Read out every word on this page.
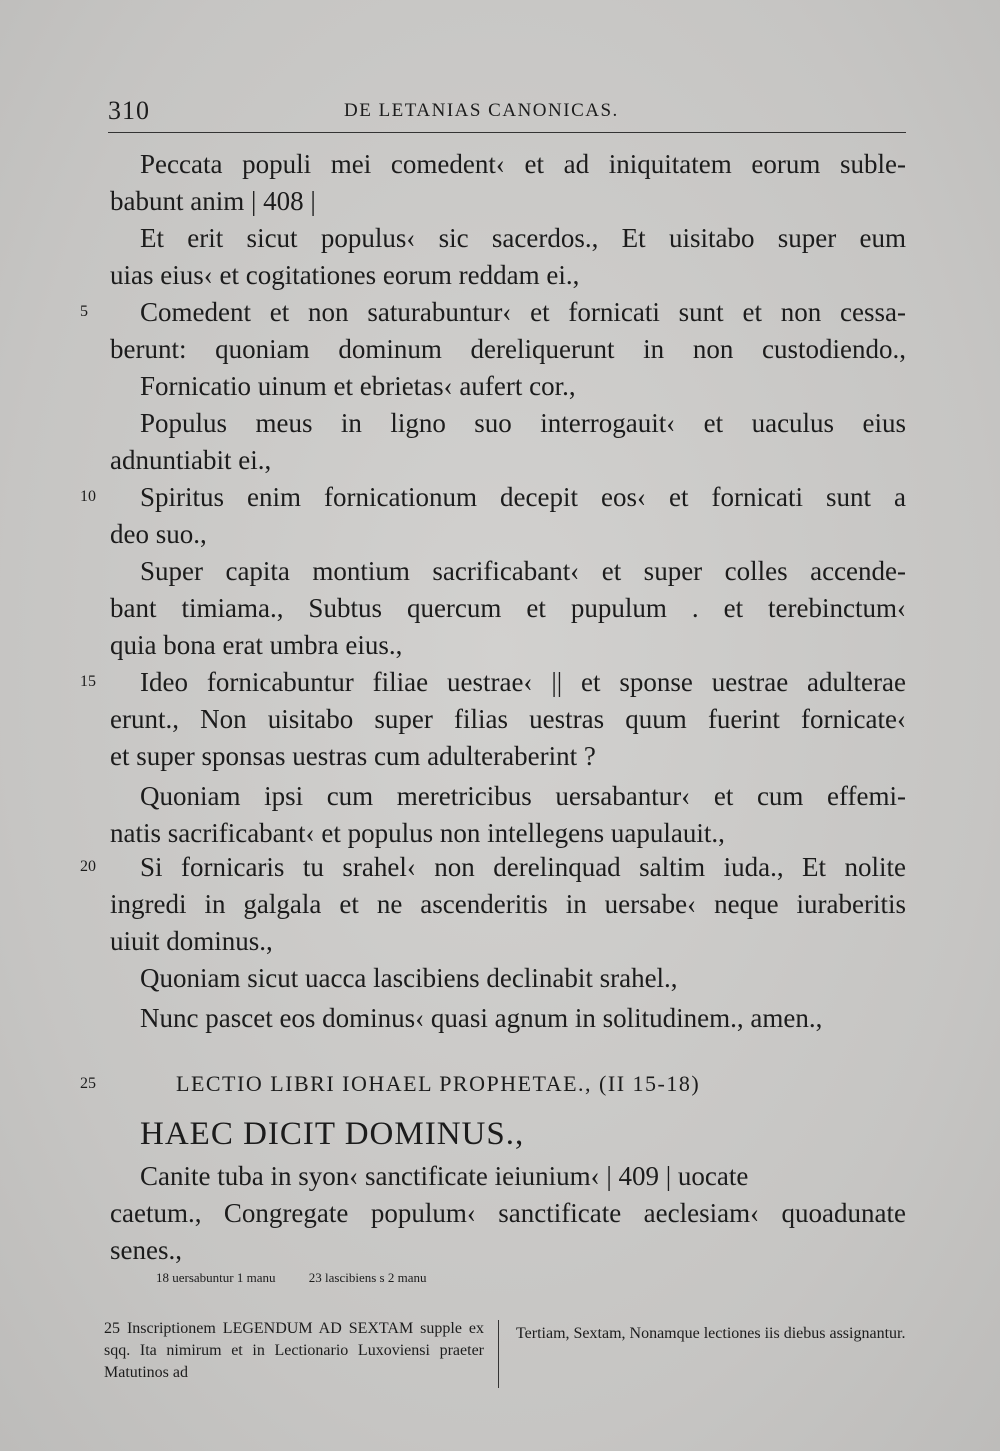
310	DE LETANIAS CANONICAS.
Peccata populi mei comedent‹ et ad iniquitatem eorum suble-
babunt anim | 408 |
Et erit sicut populus‹ sic sacerdos., Et uisitabo super eum
uias eius‹ et cogitationes eorum reddam ei.,
Comedent et non saturabuntur‹ et fornicati sunt et non cessa-
berunt: quoniam dominum dereliquerunt in non custodiendo.,
Fornicatio uinum et ebrietas‹ aufert cor.,
Populus meus in ligno suo interrogauit‹ et uaculus eius
adnuntiabit ei.,
Spiritus enim fornicationum decepit eos‹ et fornicati sunt a
deo suo.,
Super capita montium sacrificabant‹ et super colles accende-
bant timiama., Subtus quercum et pupulum . et terebinctum‹
quia bona erat umbra eius.,
Ideo fornicabuntur filiae uestrae‹ || et sponse uestrae adulterae
erunt., Non uisitabo super filias uestras quum fuerint fornicate‹
et super sponsas uestras cum adulteraberint ?
Quoniam ipsi cum meretricibus uersabantur‹ et cum effemi-
natis sacrificabant‹ et populus non intellegens uapulauit.,
Si fornicaris tu srahel‹ non derelinquad saltim iuda., Et nolite
ingredi in galgala et ne ascenderitis in uersabe‹ neque iuraberitis
uiuit dominus.,
Quoniam sicut uacca lascibiens declinabit srahel.,
Nunc pascet eos dominus‹ quasi agnum in solitudinem., amen.,
LECTIO LIBRI IOHAEL PROPHETAE., (II 15-18)
HAEC DICIT DOMINUS.,
Canite tuba in syon‹ sanctificate ieiunium‹ | 409 | uocate
caetum., Congregate populum‹ sanctificate aeclesiam‹ quoadunate
senes.,
5
10
15
20
25
18 uersabuntur 1 manu	23 lascibiens s 2 manu
25 Inscriptionem LEGENDUM AD SEXTAM supple ex sqq. Ita nimirum et in Lectionario Luxoviensi praeter Matutinos ad
Tertiam, Sextam, Nonamque lectiones iis diebus assignantur.
